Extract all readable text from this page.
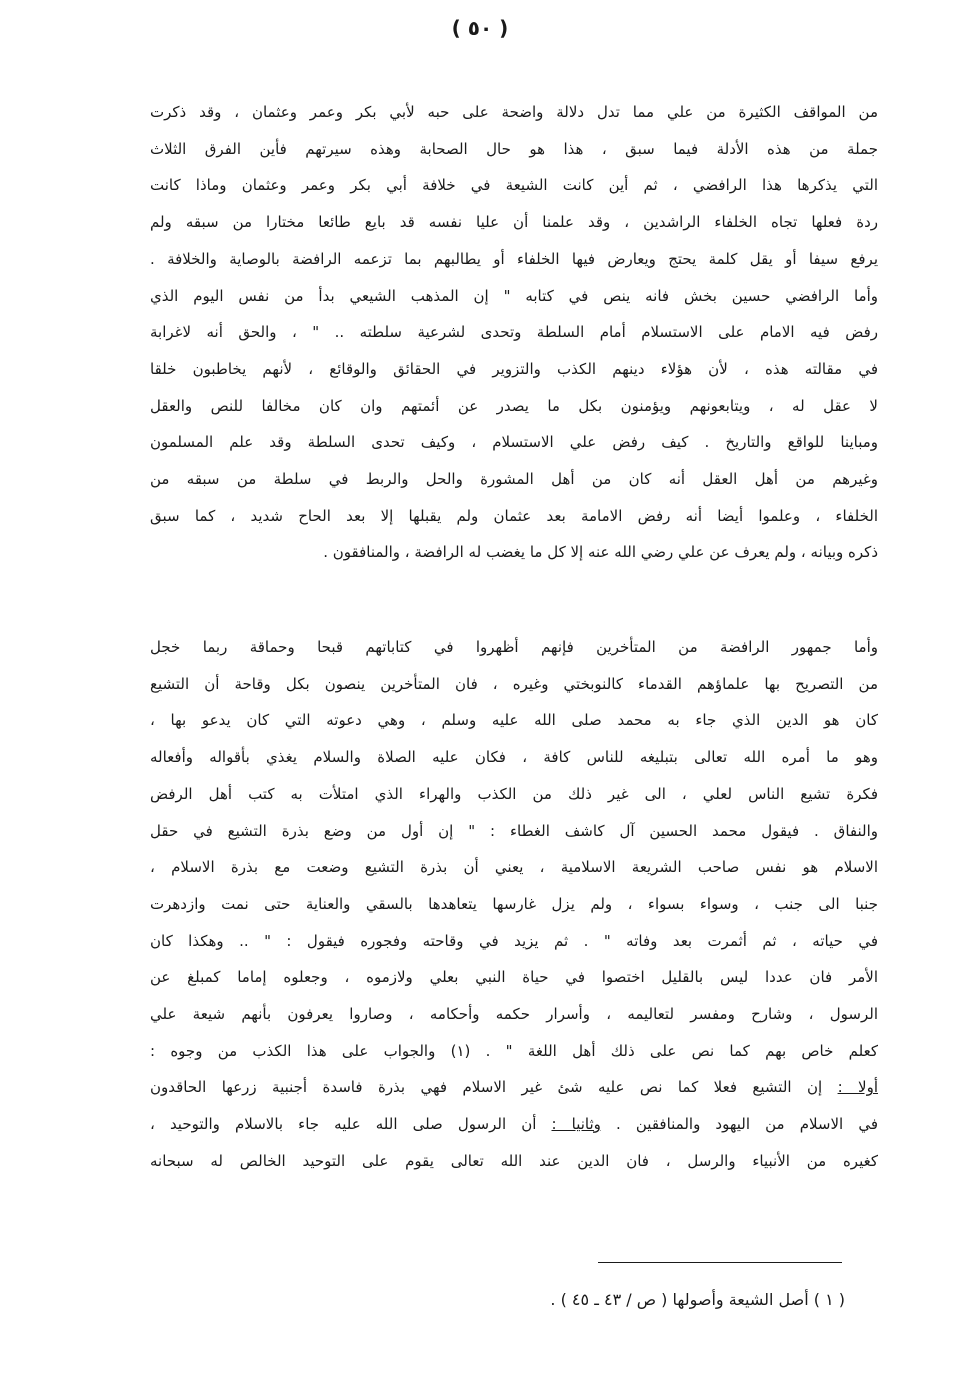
( ٥٠ )
من المواقف الكثيرة من علي مما تدل دلالة واضحة على حبه لأبي بكر وعمر وعثمان ، وقد ذكرت
جملة من هذه الأدلة فيما سبق ، هذا هو حال الصحابة وهذه سيرتهم فأين الفرق الثلاث
التي يذكرها هذا الرافضي ، ثم أين كانت الشيعة في خلافة أبي بكر وعمر وعثمان وماذا كانت
ردة فعلها تجاه الخلفاء الراشدين ، وقد علمنا أن عليا نفسه قد بايع طائعا مختارا من سبقه ولم
يرفع سيفا أو يقل كلمة يحتج ويعارض فيها الخلفاء أو يطالبهم بما تزعمه الرافضة بالوصاية والخلافة .
وأما الرافضي حسين بخش فانه ينص في كتابه " إن المذهب الشيعي بدأ من نفس اليوم الذي
رفض فيه الامام على الاستسلام أمام السلطة وتحدى لشرعية سلطته .. " ، والحق أنه لاغرابة
في مقالته هذه ، لأن هؤلاء دينهم الكذب والتزوير في الحقائق والوقائع ، لأنهم يخاطبون خلقا
لا عقل له ، ويتابعونهم ويؤمنون بكل ما يصدر عن أئمتهم وان كان مخالفا للنص والعقل
ومباينا للواقع والتاريخ . كيف رفض علي الاستسلام ، وكيف تحدى السلطة وقد علم المسلمون
وغيرهم من أهل العقل أنه كان من أهل المشورة والحل والربط في سلطة من سبقه من
الخلفاء ، وعلموا أيضا أنه رفض الامامة بعد عثمان ولم يقبلها إلا بعد الحاح شديد ، كما سبق
ذكره وبيانه ، ولم يعرف عن علي رضي الله عنه إلا كل ما يغضب له الرافضة ، والمنافقون .
وأما جمهور الرافضة من المتأخرين فإنهم أظهروا في كتاباتهم قبحا وحماقة ربما خجل
من التصريح بها علماؤهم القدماء كالنوبختي وغيره ، فان المتأخرين ينصون بكل وقاحة أن التشيع
كان هو الدين الذي جاء به محمد صلى الله عليه وسلم ، وهي دعوته التي كان يدعو بها ،
وهو ما أمره الله تعالى بتبليغه للناس كافة ، فكان عليه الصلاة والسلام يغذي بأقواله وأفعاله
فكرة تشيع الناس لعلي ، الى غير ذلك من الكذب والهراء الذي امتلأت به كتب أهل الرفض
والنفاق . فيقول محمد الحسين آل كاشف الغطاء : " إن أول من وضع بذرة التشيع في حقل
الاسلام هو نفس صاحب الشريعة الاسلامية ، يعني أن بذرة التشيع وضعت مع بذرة الاسلام ،
جنبا الى جنب ، وسواء بسواء ، ولم يزل غارسها يتعاهدها بالسقي والعناية حتى نمت وازدهرت
في حياته ، ثم أثمرت بعد وفاته " . ثم يزيد في وقاحته وفجوره فيقول : " .. وهكذا كان
الأمر فان عددا ليس بالقليل اختصوا في حياة النبي بعلي ولازموه ، وجعلوه إماما كمبلغ عن
الرسول ، وشارح ومفسر لتعاليمه ، وأسرار حكمه وأحكامه ، وصاروا يعرفون بأنهم شيعة علي
كعلم خاص بهم كما نص على ذلك أهل اللغة " . (١) والجواب على هذا الكذب من وجوه :
أولا : إن التشيع فعلا كما نص عليه شئ غير الاسلام فهي بذرة فاسدة أجنبية زرعها الحاقدون
في الاسلام من اليهود والمنافقين . وثانيا : أن الرسول صلى الله عليه جاء بالاسلام والتوحيد ،
كغيره من الأنبياء والرسل ، فان الدين عند الله تعالى يقوم على التوحيد الخالص له سبحانه
( ١ ) أصل الشيعة وأصولها ( ص / ٤٣ ـ ٤٥ ) .
